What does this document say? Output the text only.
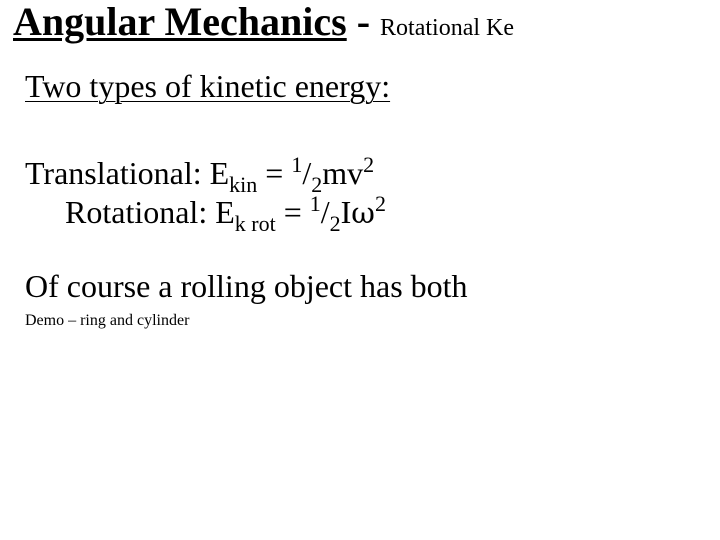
Angular Mechanics - Rotational Ke
Two types of kinetic energy:
Translational: $E_{kin} = ^1/_2mv^2$
Rotational: $E_{k rot} = ^1/_2I\omega^2$
Of course a rolling object has both
Demo – ring and cylinder
